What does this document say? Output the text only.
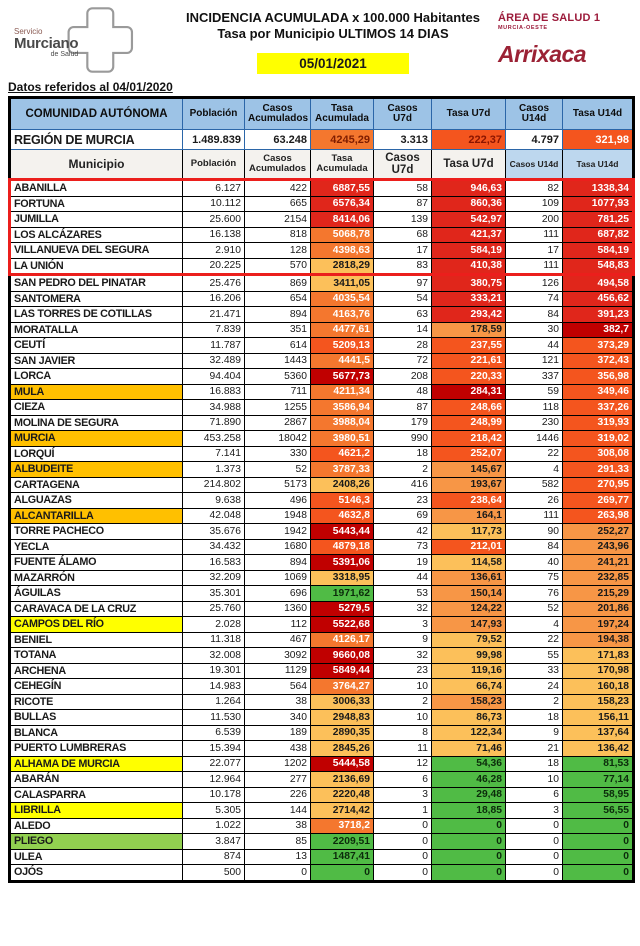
Servicio
Murciano
de Salud
INCIDENCIA ACUMULADA x 100.000 Habitantes
Tasa por Municipio ULTIMOS 14 DIAS
05/01/2021
ÁREA DE SALUD 1
MURCIA-OESTE
Arrixaca
Datos referidos al 04/01/2020
COMUNIDAD AUTÓNOMA	Población	Casos Acumulados	Tasa Acumulada	Casos U7d	Tasa U7d	Casos U14d	Tasa U14d
REGIÓN DE MURCIA	1.489.839	63.248	4245,29	3.313	222,37	4.797	321,98
Municipio	Población	Casos Acumulados	Tasa Acumulada	Casos U7d	Tasa U7d	Casos U14d	Tasa U14d
ABANILLA	6.127	422	6887,55	58	946,63	82	1338,34
FORTUNA	10.112	665	6576,34	87	860,36	109	1077,93
JUMILLA	25.600	2154	8414,06	139	542,97	200	781,25
LOS ALCÁZARES	16.138	818	5068,78	68	421,37	111	687,82
VILLANUEVA DEL SEGURA	2.910	128	4398,63	17	584,19	17	584,19
LA UNIÓN	20.225	570	2818,29	83	410,38	111	548,83
SAN PEDRO DEL PINATAR	25.476	869	3411,05	97	380,75	126	494,58
SANTOMERA	16.206	654	4035,54	54	333,21	74	456,62
LAS TORRES DE COTILLAS	21.471	894	4163,76	63	293,42	84	391,23
MORATALLA	7.839	351	4477,61	14	178,59	30	382,7
CEUTÍ	11.787	614	5209,13	28	237,55	44	373,29
SAN JAVIER	32.489	1443	4441,5	72	221,61	121	372,43
LORCA	94.404	5360	5677,73	208	220,33	337	356,98
MULA	16.883	711	4211,34	48	284,31	59	349,46
CIEZA	34.988	1255	3586,94	87	248,66	118	337,26
MOLINA DE SEGURA	71.890	2867	3988,04	179	248,99	230	319,93
MURCIA	453.258	18042	3980,51	990	218,42	1446	319,02
LORQUÍ	7.141	330	4621,2	18	252,07	22	308,08
ALBUDEITE	1.373	52	3787,33	2	145,67	4	291,33
CARTAGENA	214.802	5173	2408,26	416	193,67	582	270,95
ALGUAZAS	9.638	496	5146,3	23	238,64	26	269,77
ALCANTARILLA	42.048	1948	4632,8	69	164,1	111	263,98
TORRE PACHECO	35.676	1942	5443,44	42	117,73	90	252,27
YECLA	34.432	1680	4879,18	73	212,01	84	243,96
FUENTE ÁLAMO	16.583	894	5391,06	19	114,58	40	241,21
MAZARRÓN	32.209	1069	3318,95	44	136,61	75	232,85
ÁGUILAS	35.301	696	1971,62	53	150,14	76	215,29
CARAVACA DE LA CRUZ	25.760	1360	5279,5	32	124,22	52	201,86
CAMPOS DEL RÍO	2.028	112	5522,68	3	147,93	4	197,24
BENIEL	11.318	467	4126,17	9	79,52	22	194,38
TOTANA	32.008	3092	9660,08	32	99,98	55	171,83
ARCHENA	19.301	1129	5849,44	23	119,16	33	170,98
CEHEGÍN	14.983	564	3764,27	10	66,74	24	160,18
RICOTE	1.264	38	3006,33	2	158,23	2	158,23
BULLAS	11.530	340	2948,83	10	86,73	18	156,11
BLANCA	6.539	189	2890,35	8	122,34	9	137,64
PUERTO LUMBRERAS	15.394	438	2845,26	11	71,46	21	136,42
ALHAMA DE MURCIA	22.077	1202	5444,58	12	54,36	18	81,53
ABARÁN	12.964	277	2136,69	6	46,28	10	77,14
CALASPARRA	10.178	226	2220,48	3	29,48	6	58,95
LIBRILLA	5.305	144	2714,42	1	18,85	3	56,55
ALEDO	1.022	38	3718,2	0	0	0	0
PLIEGO	3.847	85	2209,51	0	0	0	0
ULEA	874	13	1487,41	0	0	0	0
OJÓS	500	0	0	0	0	0	0
